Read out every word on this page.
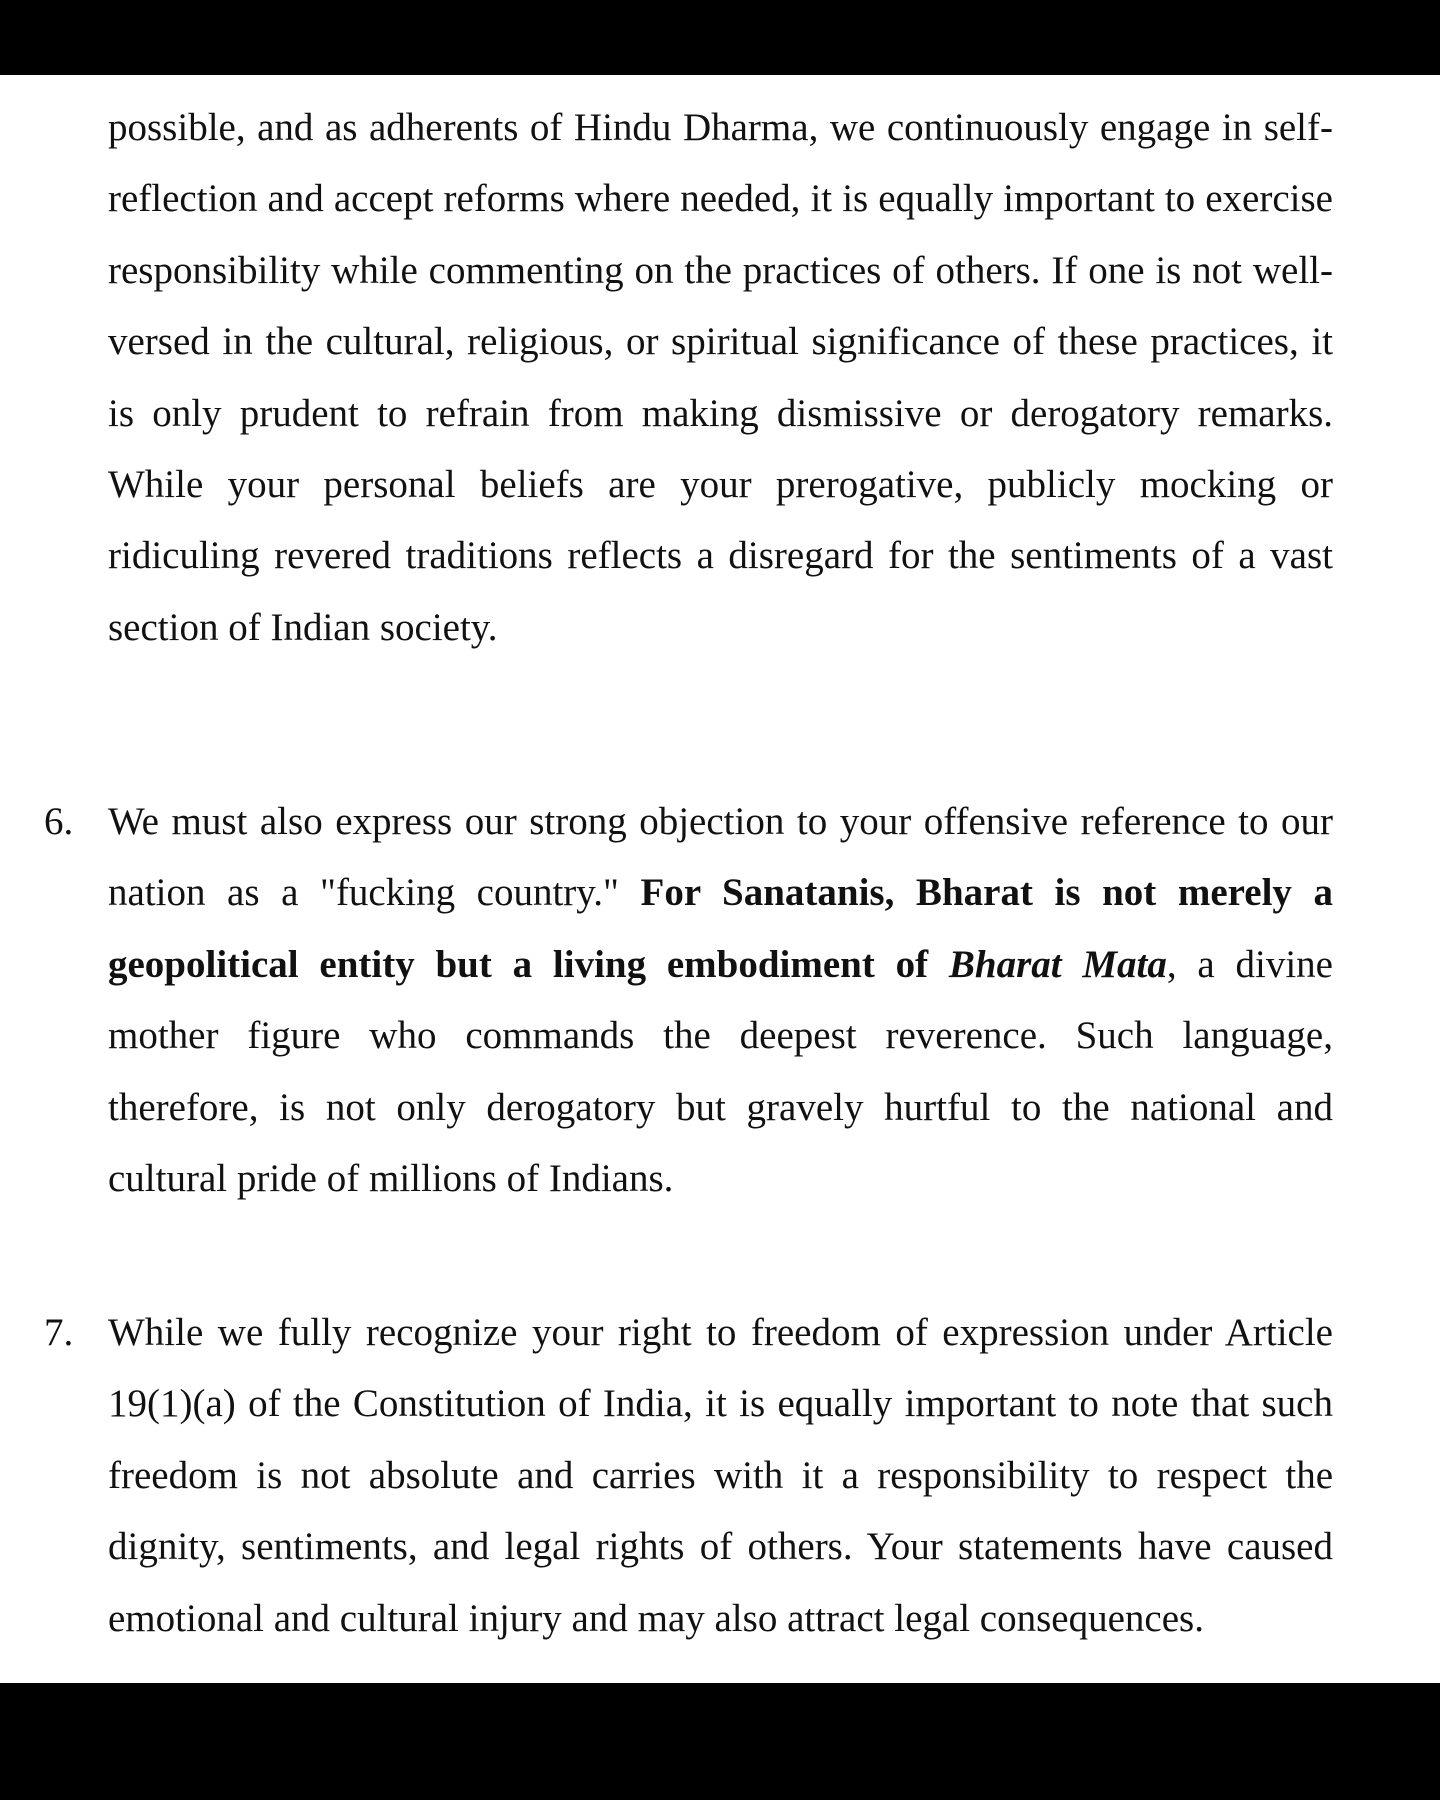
possible, and as adherents of Hindu Dharma, we continuously engage in self-reflection and accept reforms where needed, it is equally important to exercise responsibility while commenting on the practices of others. If one is not well-versed in the cultural, religious, or spiritual significance of these practices, it is only prudent to refrain from making dismissive or derogatory remarks. While your personal beliefs are your prerogative, publicly mocking or ridiculing revered traditions reflects a disregard for the sentiments of a vast section of Indian society.

6. We must also express our strong objection to your offensive reference to our nation as a "fucking country." For Sanatanis, Bharat is not merely a geopolitical entity but a living embodiment of Bharat Mata, a divine mother figure who commands the deepest reverence. Such language, therefore, is not only derogatory but gravely hurtful to the national and cultural pride of millions of Indians.

7. While we fully recognize your right to freedom of expression under Article 19(1)(a) of the Constitution of India, it is equally important to note that such freedom is not absolute and carries with it a responsibility to respect the dignity, sentiments, and legal rights of others. Your statements have caused emotional and cultural injury and may also attract legal consequences.
